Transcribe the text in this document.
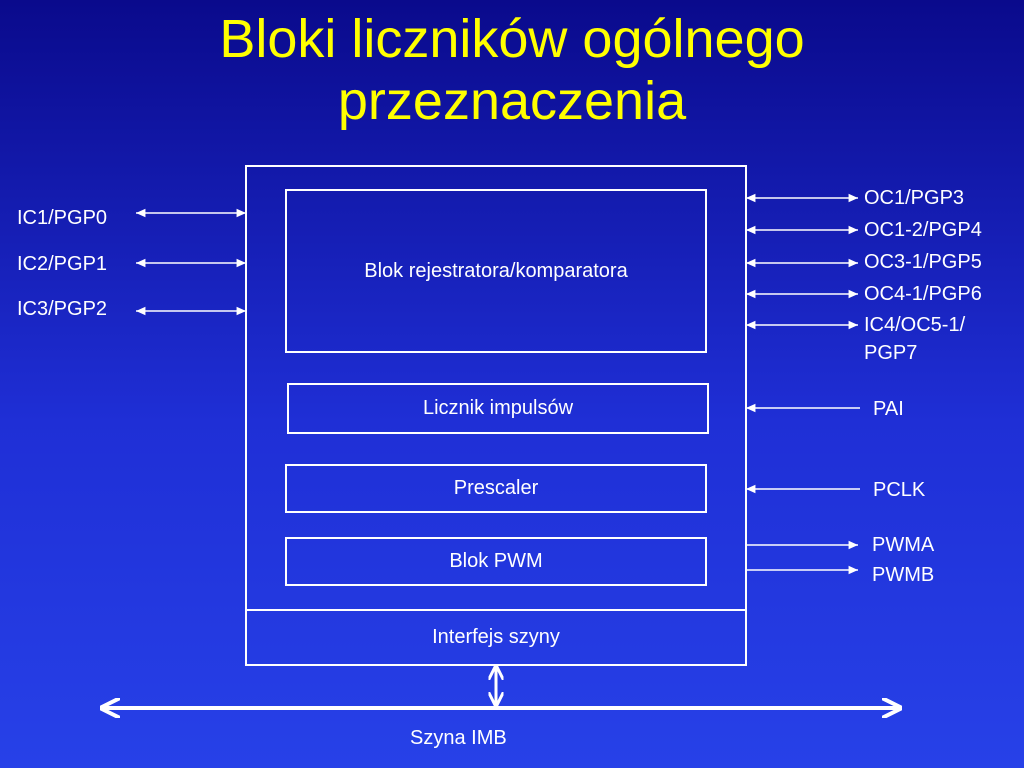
Bloki liczników ogólnego
przeznaczenia
Interfejs szyny
Blok rejestratora/komparatora
Licznik impulsów
Prescaler
Blok PWM
IC1/PGP0
IC2/PGP1
IC3/PGP2
OC1/PGP3
OC1-2/PGP4
OC3-1/PGP5
OC4-1/PGP6
IC4/OC5-1/
PGP7
PAI
PCLK
PWMA
PWMB
Szyna IMB
